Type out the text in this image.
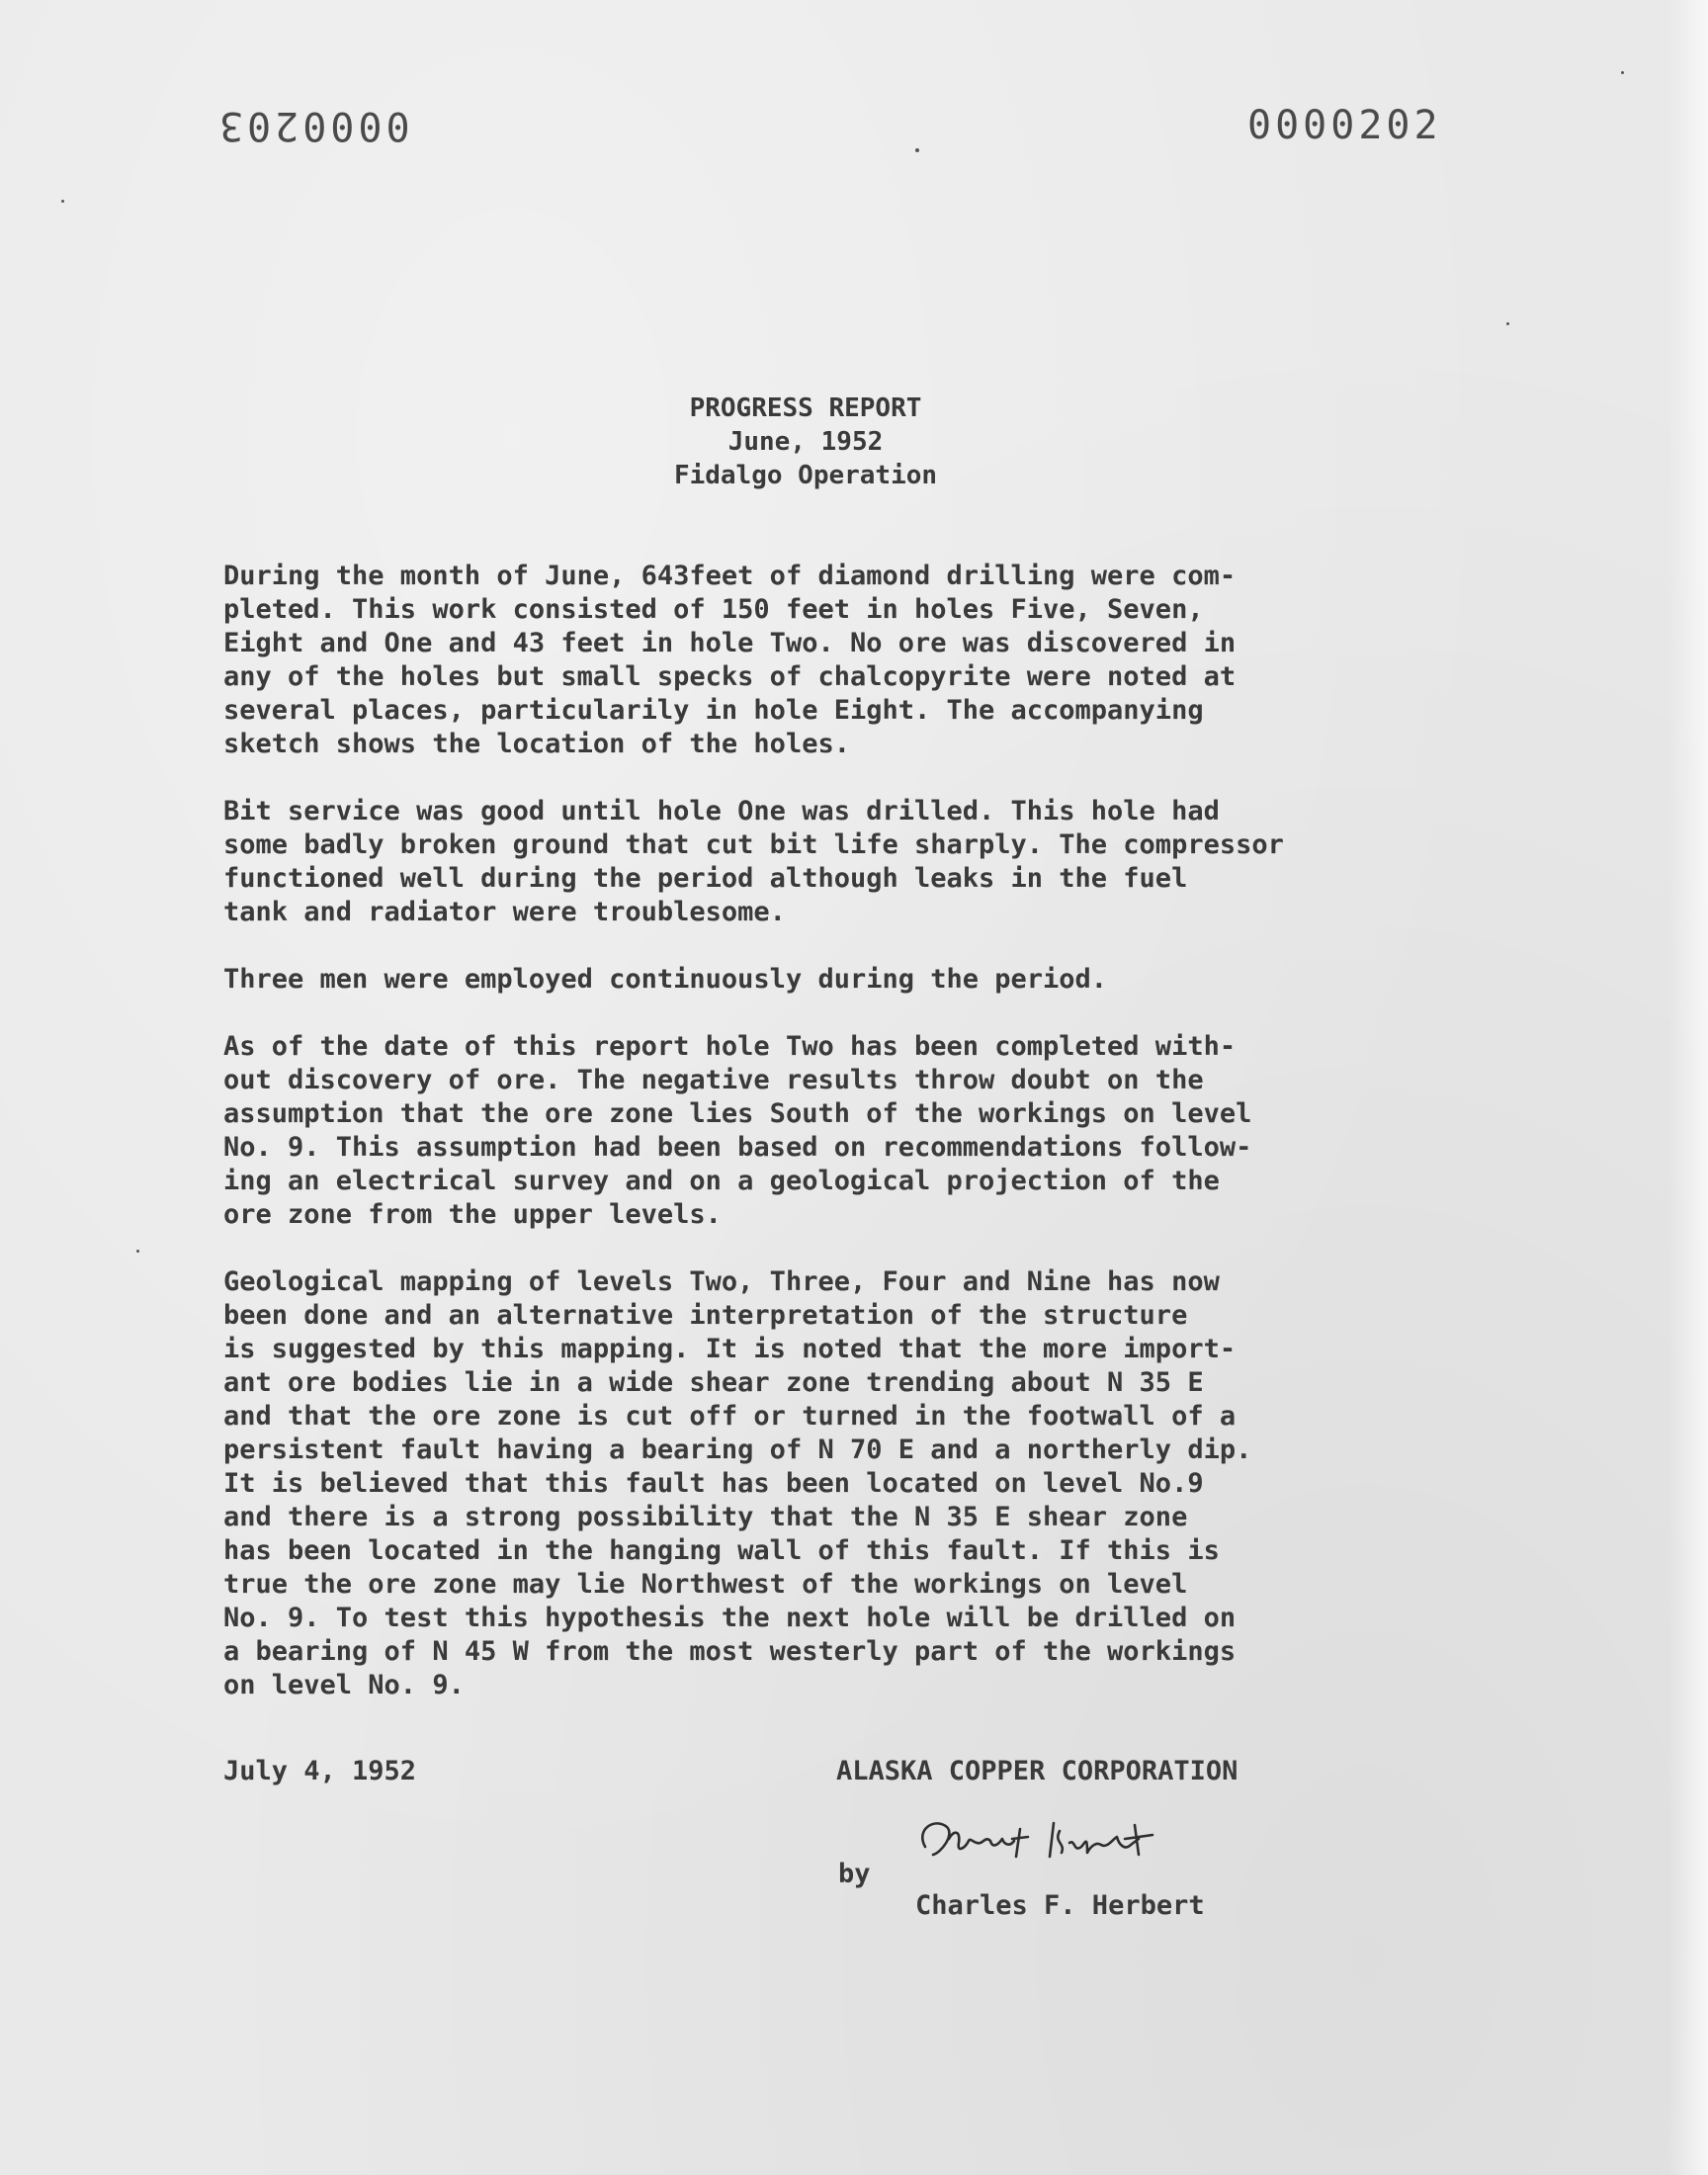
0000203	0000202
PROGRESS REPORT
June, 1952
Fidalgo Operation
During the month of June, 643feet of diamond drilling were com-
pleted. This work consisted of 150 feet in holes Five, Seven,
Eight and One and 43 feet in hole Two. No ore was discovered in
any of the holes but small specks of chalcopyrite were noted at
several places, particularily in hole Eight. The accompanying
sketch shows the location of the holes.
Bit service was good until hole One was drilled. This hole had
some badly broken ground that cut bit life sharply. The compressor
functioned well during the period although leaks in the fuel
tank and radiator were troublesome.
Three men were employed continuously during the period.
As of the date of this report hole Two has been completed with-
out discovery of ore. The negative results throw doubt on the
assumption that the ore zone lies South of the workings on level
No. 9. This assumption had been based on recommendations follow-
ing an electrical survey and on a geological projection of the
ore zone from the upper levels.
Geological mapping of levels Two, Three, Four and Nine has now
been done and an alternative interpretation of the structure
is suggested by this mapping. It is noted that the more import-
ant ore bodies lie in a wide shear zone trending about N 35 E
and that the ore zone is cut off or turned in the footwall of a
persistent fault having a bearing of N 70 E and a northerly dip.
It is believed that this fault has been located on level No.9
and there is a strong possibility that the N 35 E shear zone
has been located in the hanging wall of this fault. If this is
true the ore zone may lie Northwest of the workings on level
No. 9. To test this hypothesis the next hole will be drilled on
a bearing of N 45 W from the most westerly part of the workings
on level No. 9.
July 4, 1952	ALASKA COPPER CORPORATION
by
Charles F. Herbert
